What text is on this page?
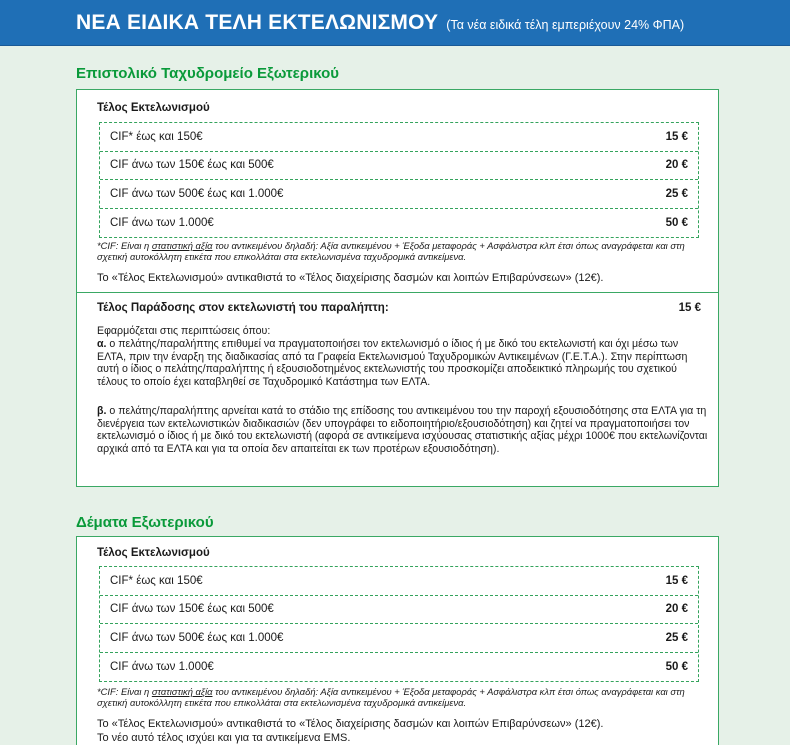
ΝΕΑ ΕΙΔΙΚΑ ΤΕΛΗ ΕΚΤΕΛΩΝΙΣΜΟΥ (Τα νέα ειδικά τέλη εμπεριέχουν 24% ΦΠΑ)
Επιστολικό Ταχυδρομείο Εξωτερικού
Τέλος Εκτελωνισμού
CIF* έως και 150€	15 €
CIF άνω των 150€ έως και 500€	20 €
CIF άνω των 500€ έως και 1.000€	25 €
CIF άνω των 1.000€	50 €
*CIF: Είναι η στατιστική αξία του αντικειμένου δηλαδή: Αξία αντικειμένου + Έξοδα μεταφοράς + Ασφάλιστρα κλπ έτσι όπως αναγράφεται και στη σχετική αυτοκόλλητη ετικέτα που επικολλάται στα εκτελωνισμένα ταχυδρομικά αντικείμενα.
Το «Τέλος Εκτελωνισμού» αντικαθιστά το «Τέλος διαχείρισης δασμών και λοιπών Επιβαρύνσεων» (12€).
Τέλος Παράδοσης στον εκτελωνιστή του παραλήπτη:	15 €
Εφαρμόζεται στις περιπτώσεις όπου:
α. ο πελάτης/παραλήπτης επιθυμεί να πραγματοποιήσει τον εκτελωνισμό ο ίδιος ή με δικό του εκτελωνιστή και όχι μέσω των ΕΛΤΑ, πριν την έναρξη της διαδικασίας από τα Γραφεία Εκτελωνισμού Ταχυδρομικών Αντικειμένων (Γ.Ε.Τ.Α.). Στην περίπτωση αυτή ο ίδιος ο πελάτης/παραλήπτης ή εξουσιοδοτημένος εκτελωνιστής του προσκομίζει αποδεικτικό πληρωμής του σχετικού τέλους το οποίο έχει καταβληθεί σε Ταχυδρομικό Κατάστημα των ΕΛΤΑ.
β. ο πελάτης/παραλήπτης αρνείται κατά το στάδιο της επίδοσης του αντικειμένου του την παροχή εξουσιοδότησης στα ΕΛΤΑ για τη διενέργεια των εκτελωνιστικών διαδικασιών (δεν υπογράφει το ειδοποιητήριο/εξουσιοδότηση) και ζητεί να πραγματοποιήσει τον εκτελωνισμό ο ίδιος ή με δικό του εκτελωνιστή (αφορά σε αντικείμενα ισχύουσας στατιστικής αξίας μέχρι 1000€ που εκτελωνίζονται αρχικά από τα ΕΛΤΑ και για τα οποία δεν απαιτείται εκ των προτέρων εξουσιοδότηση).
Δέματα Εξωτερικού
Τέλος Εκτελωνισμού
CIF* έως και 150€	15 €
CIF άνω των 150€ έως και 500€	20 €
CIF άνω των 500€ έως και 1.000€	25 €
CIF άνω των 1.000€	50 €
*CIF: Είναι η στατιστική αξία του αντικειμένου δηλαδή: Αξία αντικειμένου + Έξοδα μεταφοράς + Ασφάλιστρα κλπ έτσι όπως αναγράφεται και στη σχετική αυτοκόλλητη ετικέτα που επικολλάται στα εκτελωνισμένα ταχυδρομικά αντικείμενα.
Το «Τέλος Εκτελωνισμού» αντικαθιστά το «Τέλος διαχείρισης δασμών και λοιπών Επιβαρύνσεων» (12€).
Το νέο αυτό τέλος ισχύει και για τα αντικείμενα EMS.
